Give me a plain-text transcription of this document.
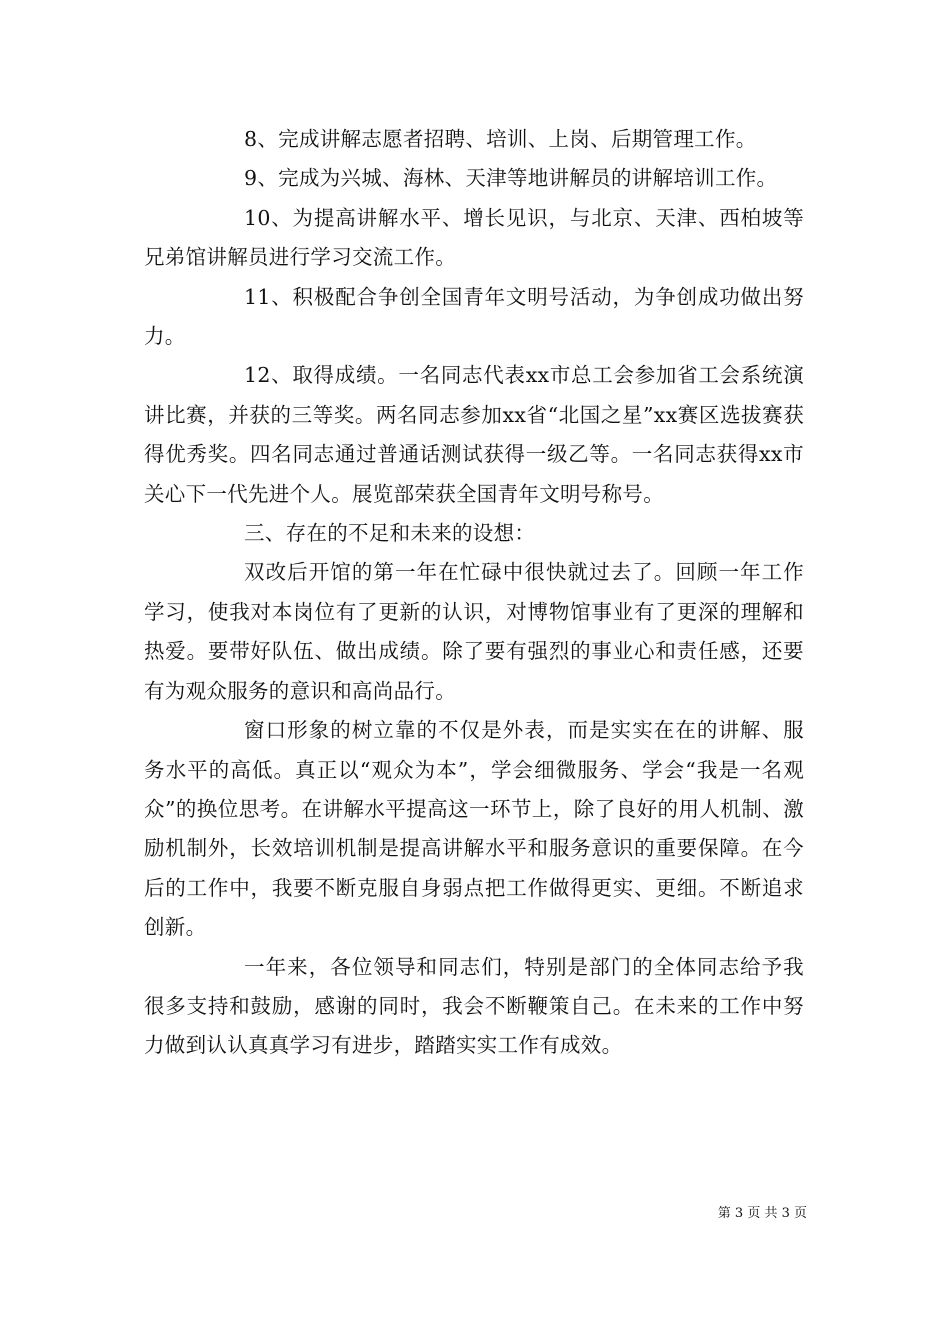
8、完成讲解志愿者招聘、培训、上岗、后期管理工作。

9、完成为兴城、海林、天津等地讲解员的讲解培训工作。

10、为提高讲解水平、增长见识，与北京、天津、西柏坡等兄弟馆讲解员进行学习交流工作。

11、积极配合争创全国青年文明号活动，为争创成功做出努力。

12、取得成绩。一名同志代表xx市总工会参加省工会系统演讲比赛，并获的三等奖。两名同志参加xx省“北国之星”xx赛区选拔赛获得优秀奖。四名同志通过普通话测试获得一级乙等。一名同志获得xx市关心下一代先进个人。展览部荣获全国青年文明号称号。

三、存在的不足和未来的设想：

双改后开馆的第一年在忙碌中很快就过去了。回顾一年工作学习，使我对本岗位有了更新的认识，对博物馆事业有了更深的理解和热爱。要带好队伍、做出成绩。除了要有强烈的事业心和责任感，还要有为观众服务的意识和高尚品行。

窗口形象的树立靠的不仅是外表，而是实实在在的讲解、服务水平的高低。真正以“观众为本”，学会细微服务、学会“我是一名观众”的换位思考。在讲解水平提高这一环节上，除了良好的用人机制、激励机制外，长效培训机制是提高讲解水平和服务意识的重要保障。在今后的工作中，我要不断克服自身弱点把工作做得更实、更细。不断追求创新。

一年来，各位领导和同志们，特别是部门的全体同志给予我很多支持和鼓励，感谢的同时，我会不断鞭策自己。在未来的工作中努力做到认认真真学习有进步，踏踏实实工作有成效。

第 3 页 共 3 页
